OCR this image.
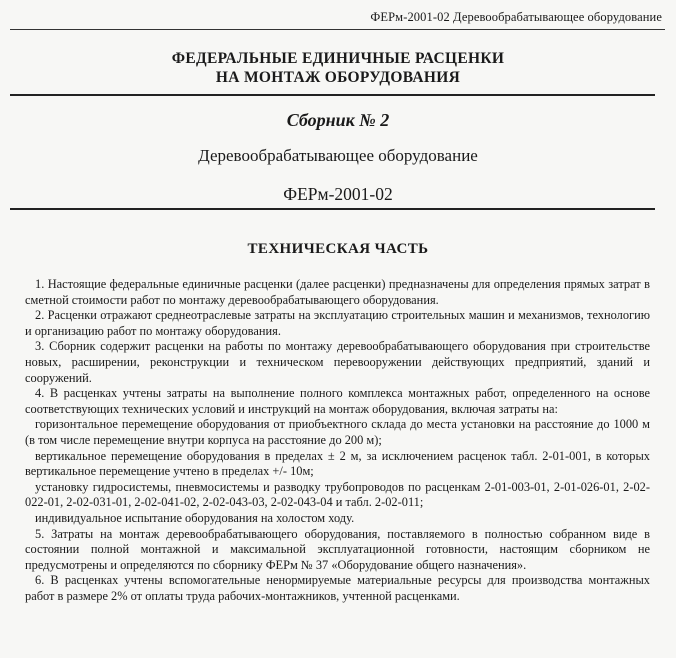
ФЕРм-2001-02 Деревообрабатывающее оборудование
ФЕДЕРАЛЬНЫЕ ЕДИНИЧНЫЕ РАСЦЕНКИ
НА МОНТАЖ ОБОРУДОВАНИЯ
Сборник № 2
Деревообрабатывающее оборудование
ФЕРм-2001-02
ТЕХНИЧЕСКАЯ ЧАСТЬ

1. Настоящие федеральные единичные расценки (далее расценки) предназначены для определения прямых затрат в сметной стоимости работ по монтажу деревообрабатывающего оборудования.

2. Расценки отражают среднеотраслевые затраты на эксплуатацию строительных машин и механизмов, технологию и организацию работ по монтажу оборудования.

3. Сборник содержит расценки на работы по монтажу деревообрабатывающего оборудования при строительстве новых, расширении, реконструкции и техническом перевооружении действующих предприятий, зданий и сооружений.

4. В расценках учтены затраты на выполнение полного комплекса монтажных работ, определенного на основе соответствующих технических условий и инструкций на монтаж оборудования, включая затраты на:

горизонтальное перемещение оборудования от приобъектного склада до места установки на расстояние до 1000 м (в том числе перемещение внутри корпуса на расстояние до 200 м);

вертикальное перемещение оборудования в пределах ± 2 м, за исключением расценок табл. 2-01-001, в которых вертикальное перемещение учтено в пределах +/- 10м;

установку гидросистемы, пневмосистемы и разводку трубопроводов по расценкам 2-01-003-01, 2-01-026-01, 2-02-022-01, 2-02-031-01, 2-02-041-02, 2-02-043-03, 2-02-043-04 и табл. 2-02-011;

индивидуальное испытание оборудования на холостом ходу.

5. Затраты на монтаж деревообрабатывающего оборудования, поставляемого в полностью собранном виде в состоянии полной монтажной и максимальной эксплуатационной готовности, настоящим сборником не предусмотрены и определяются по сборнику ФЕРм № 37 «Оборудование общего назначения».

6. В расценках учтены вспомогательные ненормируемые материальные ресурсы для производства монтажных работ в размере 2% от оплаты труда рабочих-монтажников, учтенной расценками.
